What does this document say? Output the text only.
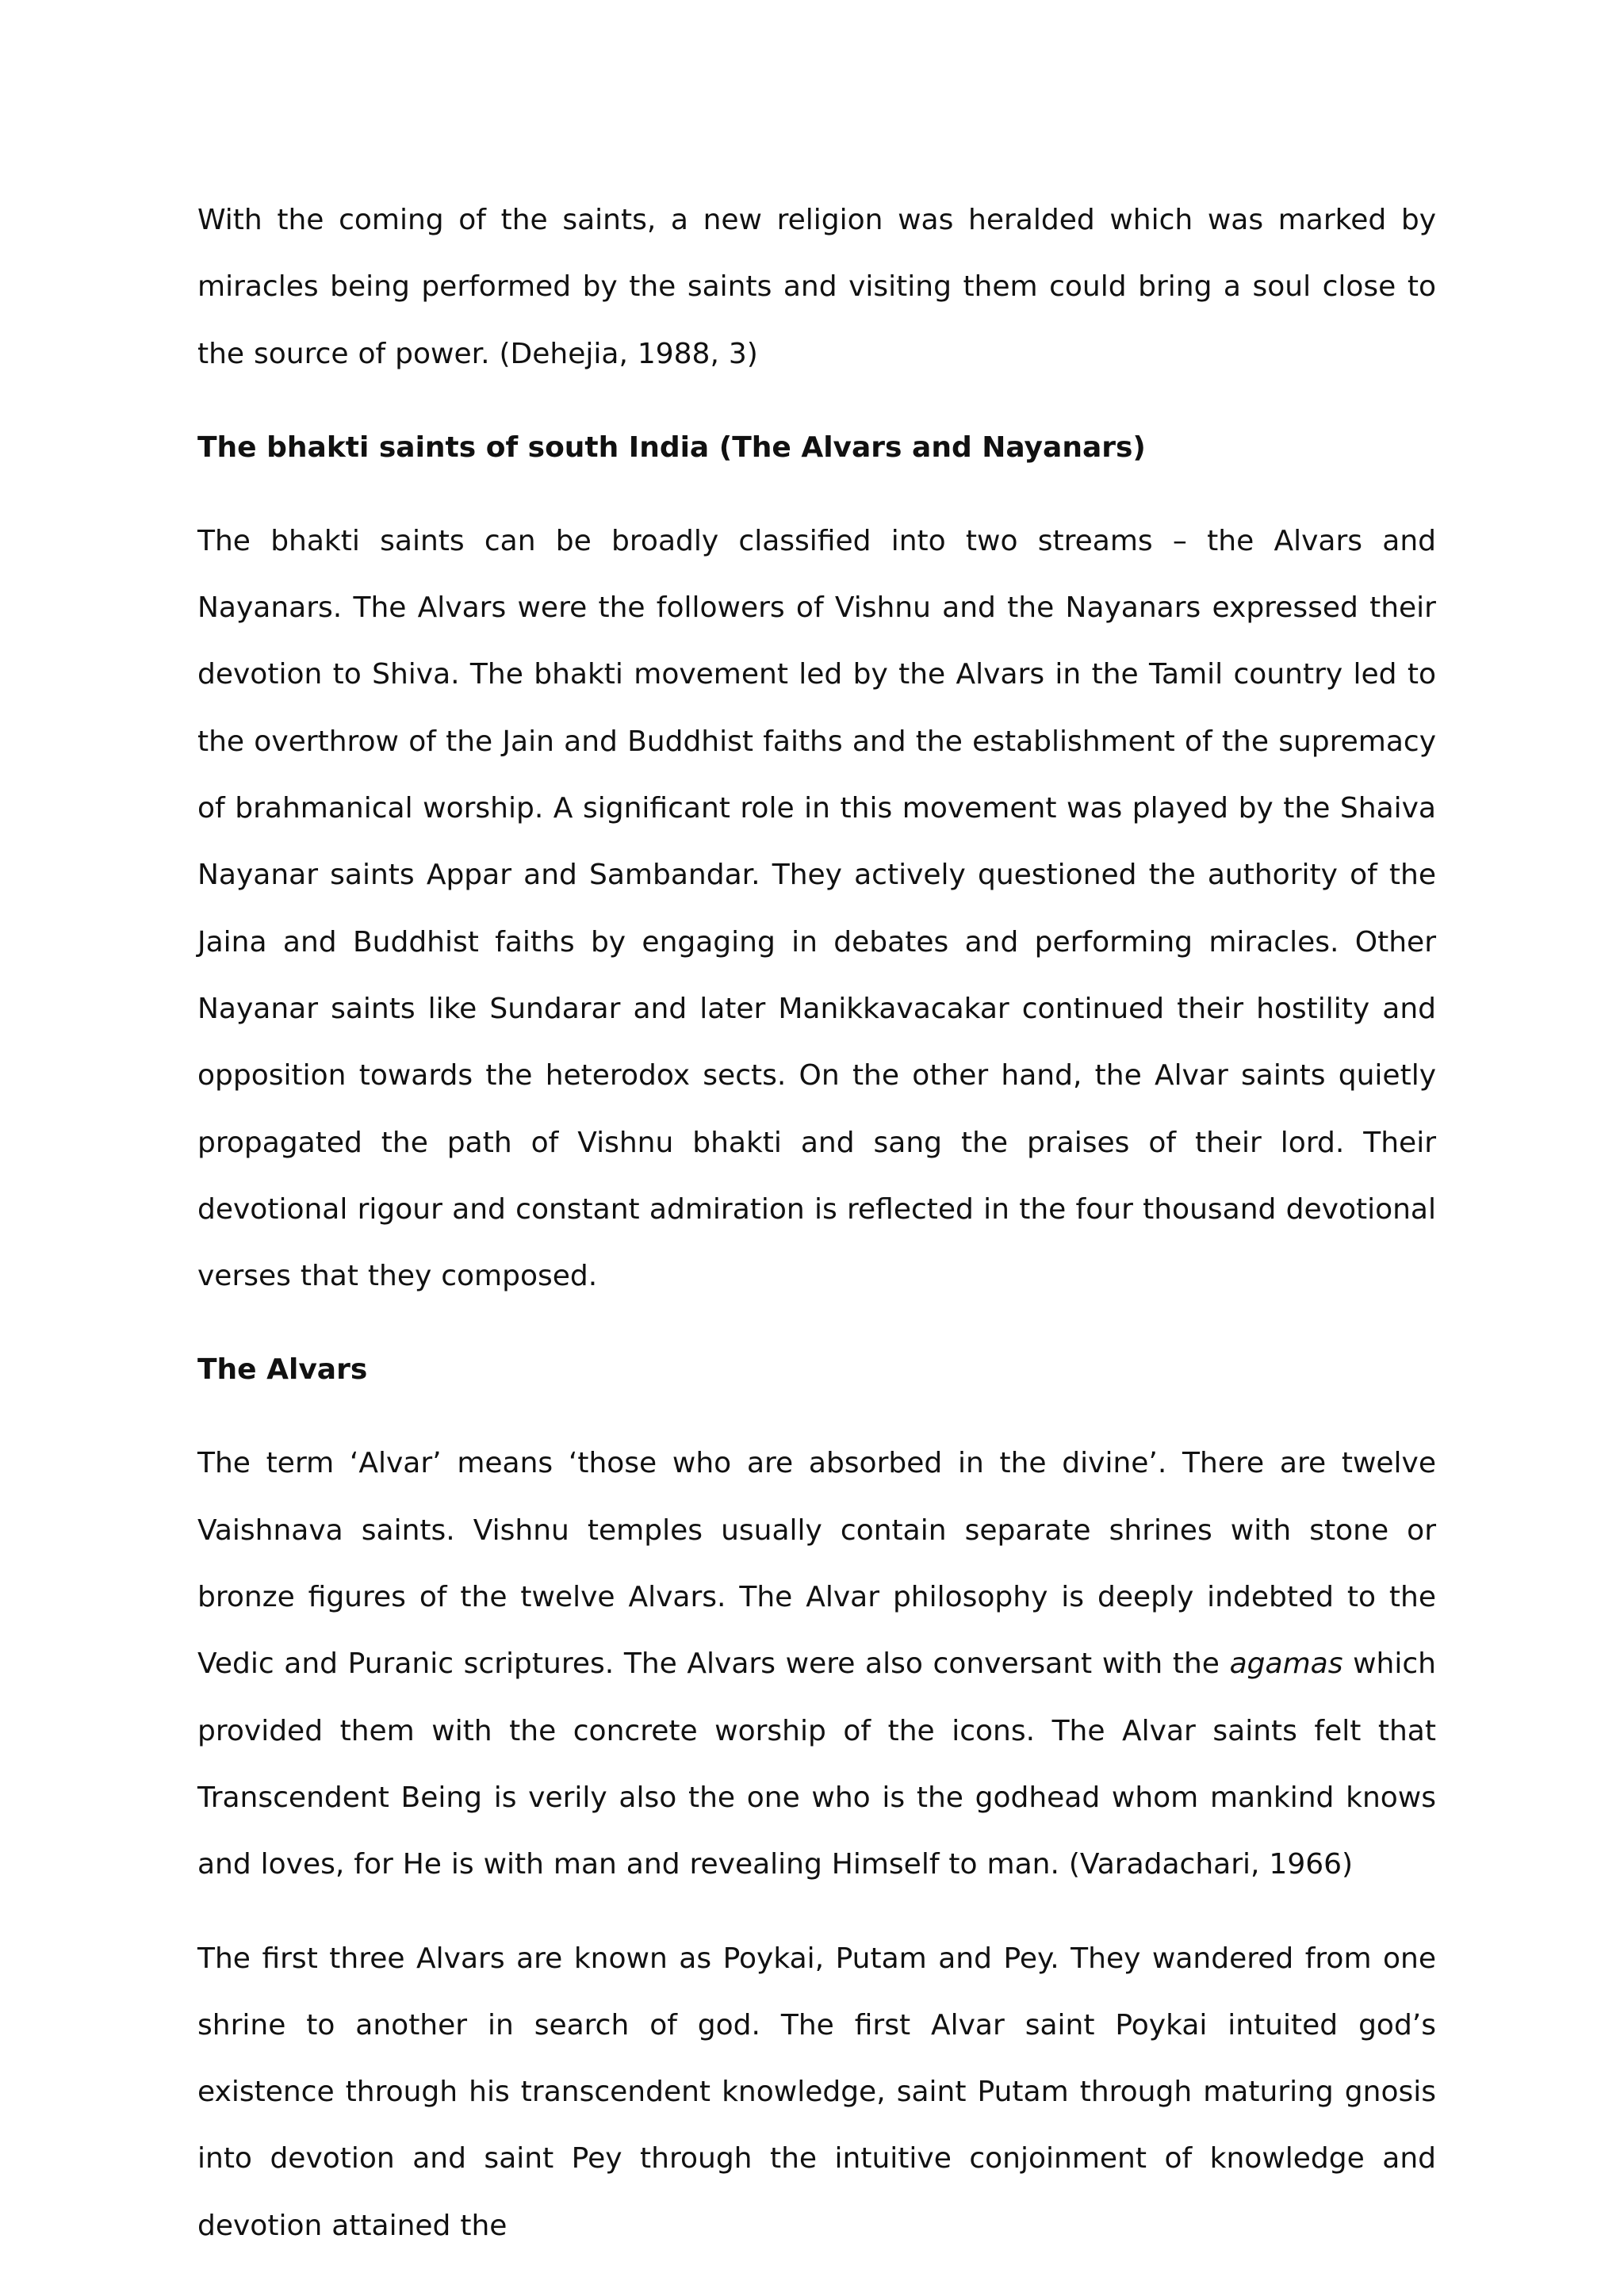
With the coming of the saints, a new religion was heralded which was marked by miracles being performed by the saints and visiting them could bring a soul close to the source of power. (Dehejia, 1988, 3)

The bhakti saints of south India (The Alvars and Nayanars)

The bhakti saints can be broadly classified into two streams – the Alvars and Nayanars. The Alvars were the followers of Vishnu and the Nayanars expressed their devotion to Shiva. The bhakti movement led by the Alvars in the Tamil country led to the overthrow of the Jain and Buddhist faiths and the establishment of the supremacy of brahmanical worship. A significant role in this movement was played by the Shaiva Nayanar saints Appar and Sambandar. They actively questioned the authority of the Jaina and Buddhist faiths by engaging in debates and performing miracles. Other Nayanar saints like Sundarar and later Manikkavacakar continued their hostility and opposition towards the heterodox sects. On the other hand, the Alvar saints quietly propagated the path of Vishnu bhakti and sang the praises of their lord. Their devotional rigour and constant admiration is reflected in the four thousand devotional verses that they composed.

The Alvars

The term ‘Alvar’ means ‘those who are absorbed in the divine’. There are twelve Vaishnava saints. Vishnu temples usually contain separate shrines with stone or bronze figures of the twelve Alvars. The Alvar philosophy is deeply indebted to the Vedic and Puranic scriptures. The Alvars were also conversant with the agamas which provided them with the concrete worship of the icons. The Alvar saints felt that Transcendent Being is verily also the one who is the godhead whom mankind knows and loves, for He is with man and revealing Himself to man. (Varadachari, 1966)

The first three Alvars are known as Poykai, Putam and Pey. They wandered from one shrine to another in search of god. The first Alvar saint Poykai intuited god’s existence through his transcendent knowledge, saint Putam through maturing gnosis into devotion and saint Pey through the intuitive conjoinment of knowledge and devotion attained the
